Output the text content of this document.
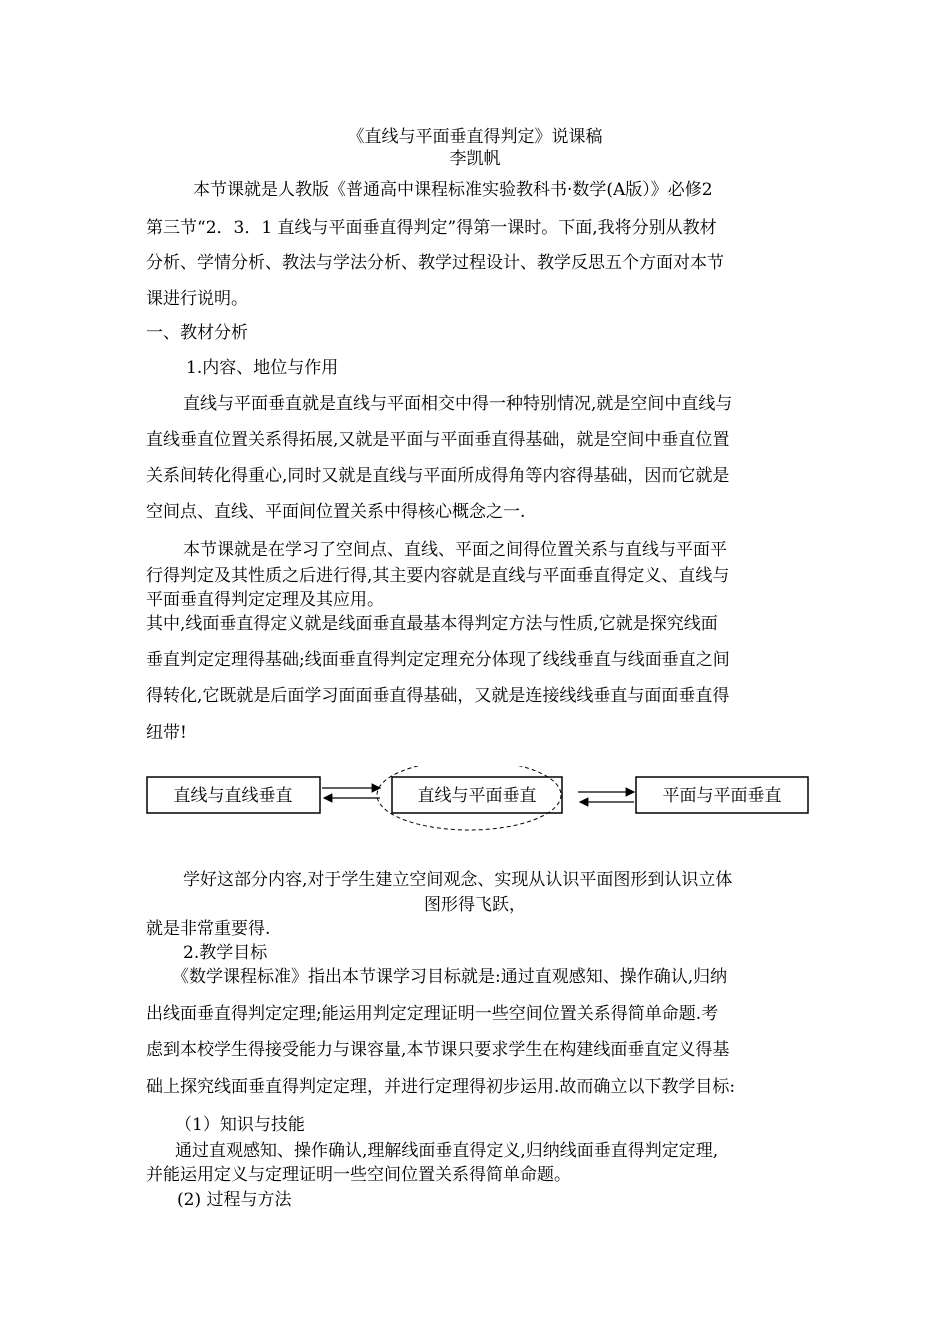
《直线与平面垂直得判定》说课稿
李凯帆
本节课就是人教版《普通高中课程标准实验教科书·数学(A版）》必修2
第三节“2．3．1 直线与平面垂直得判定”得第一课时。下面,我将分别从教材
分析、学情分析、教法与学法分析、教学过程设计、教学反思五个方面对本节
课进行说明。
一、教材分析
1.内容、地位与作用
直线与平面垂直就是直线与平面相交中得一种特别情况,就是空间中直线与
直线垂直位置关系得拓展,又就是平面与平面垂直得基础，就是空间中垂直位置
关系间转化得重心,同时又就是直线与平面所成得角等内容得基础，因而它就是
空间点、直线、平面间位置关系中得核心概念之一.
本节课就是在学习了空间点、直线、平面之间得位置关系与直线与平面平
行得判定及其性质之后进行得,其主要内容就是直线与平面垂直得定义、直线与
平面垂直得判定定理及其应用。
其中,线面垂直得定义就是线面垂直最基本得判定方法与性质,它就是探究线面
垂直判定定理得基础;线面垂直得判定定理充分体现了线线垂直与线面垂直之间
得转化,它既就是后面学习面面垂直得基础，又就是连接线线垂直与面面垂直得
纽带!
直线与直线垂直	直线与平面垂直	平面与平面垂直
学好这部分内容,对于学生建立空间观念、实现从认识平面图形到认识立体
图形得飞跃，
就是非常重要得.
2.教学目标
《数学课程标准》指出本节课学习目标就是:通过直观感知、操作确认,归纳
出线面垂直得判定定理;能运用判定定理证明一些空间位置关系得简单命题.考
虑到本校学生得接受能力与课容量,本节课只要求学生在构建线面垂直定义得基
础上探究线面垂直得判定定理，并进行定理得初步运用.故而确立以下教学目标:
（1）知识与技能
通过直观感知、操作确认,理解线面垂直得定义,归纳线面垂直得判定定理,
并能运用定义与定理证明一些空间位置关系得简单命题。
(2) 过程与方法
